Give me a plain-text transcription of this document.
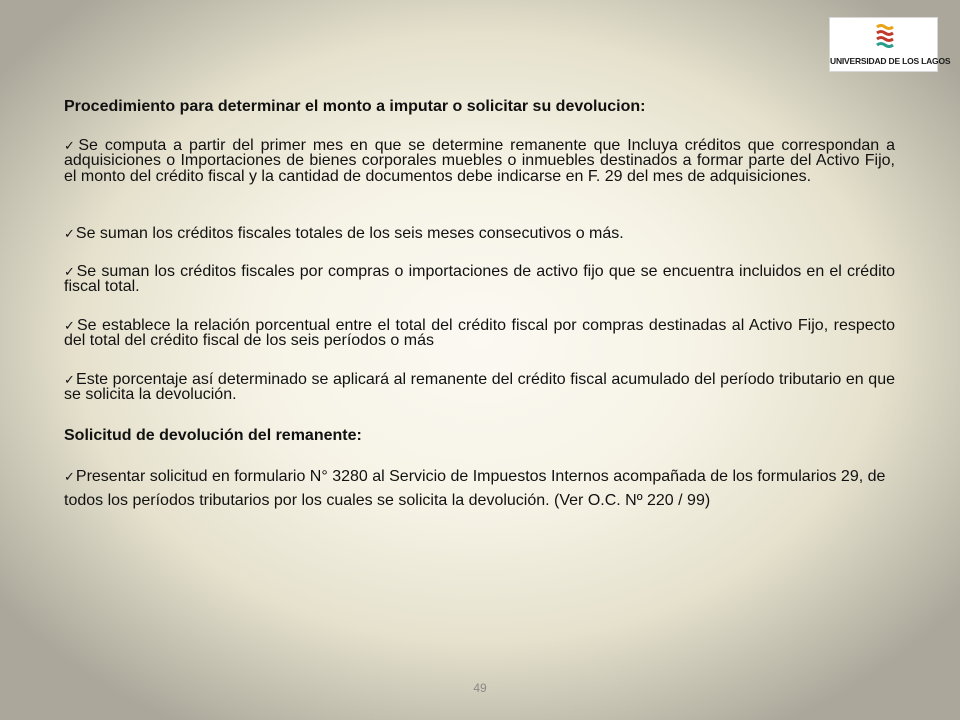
UNIVERSIDAD DE LOS LAGOS

Procedimiento para determinar el monto a imputar o solicitar su devolucion:

✓Se computa a partir del primer mes en que se determine remanente que Incluya créditos que correspondan a adquisiciones o Importaciones de bienes corporales muebles o inmuebles destinados a formar parte del Activo Fijo, el monto del crédito fiscal y la cantidad de documentos debe indicarse en F. 29 del mes de adquisiciones.

✓Se suman los créditos fiscales totales de los seis meses consecutivos o más.

✓Se suman los créditos fiscales por compras o importaciones de activo fijo que se encuentra incluidos en el crédito fiscal total.

✓Se establece la relación porcentual entre el total del crédito fiscal por compras destinadas al Activo Fijo, respecto del total del crédito fiscal de los seis períodos o más

✓Este porcentaje así determinado se aplicará al remanente del crédito fiscal acumulado del período tributario en que se solicita la devolución.

Solicitud de devolución del remanente:

✓Presentar solicitud en formulario N° 3280 al Servicio de Impuestos Internos acompañada de los formularios 29, de todos los períodos tributarios por los cuales se solicita la devolución. (Ver O.C. Nº 220 / 99)

49
